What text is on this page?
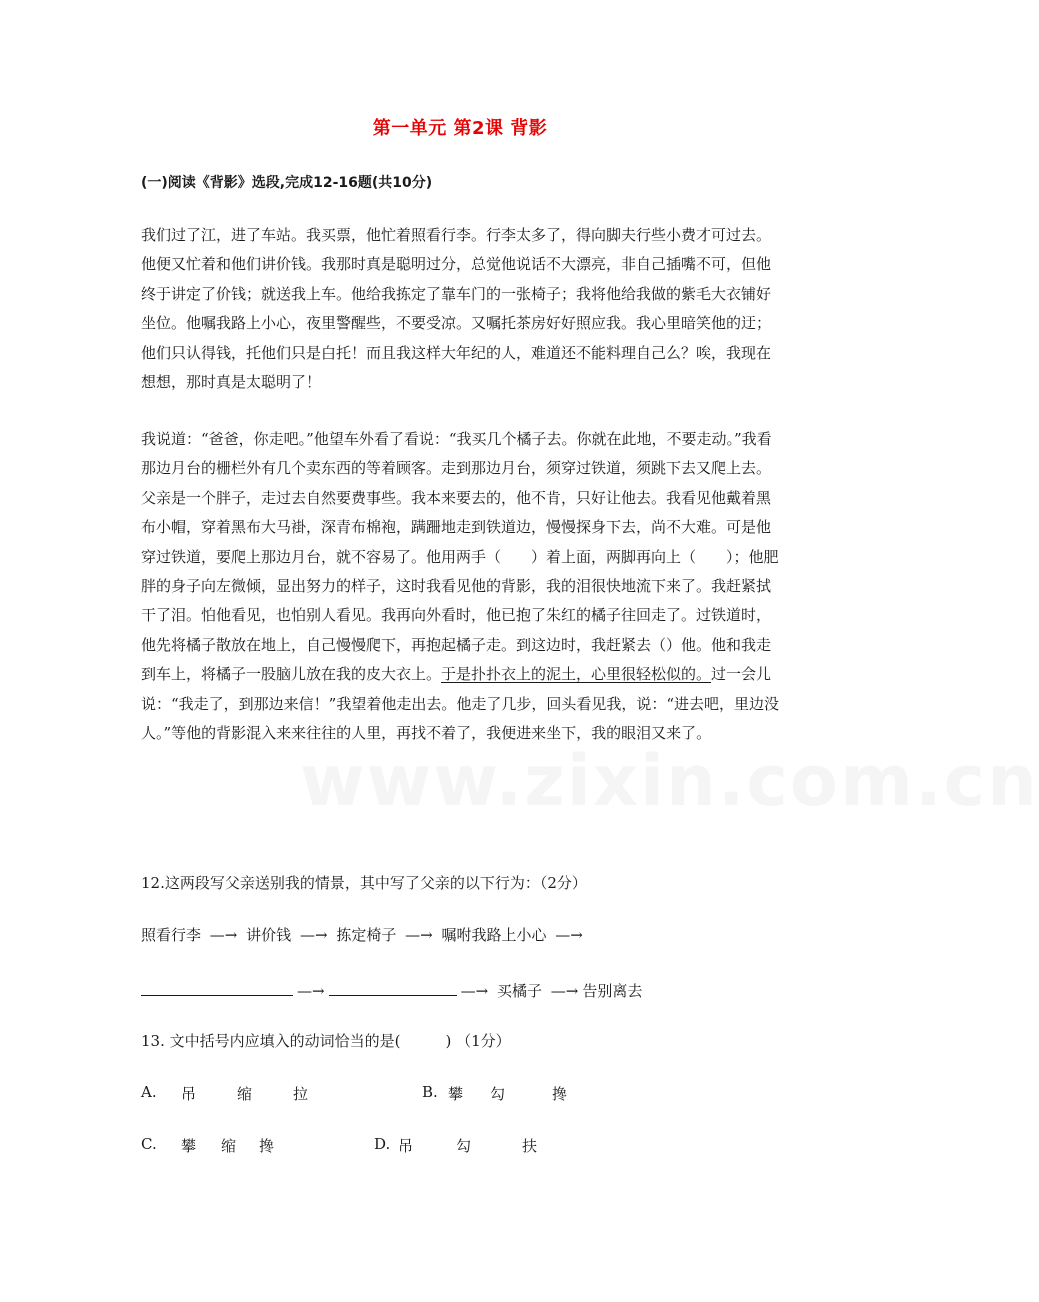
第一单元 第2课 背影
(一)阅读《背影》选段,完成12-16题(共10分)

我们过了江，进了车站。我买票，他忙着照看行李。行李太多了，得向脚夫行些小费才可过去。他便又忙着和他们讲价钱。我那时真是聪明过分，总觉他说话不大漂亮，非自己插嘴不可，但他终于讲定了价钱；就送我上车。他给我拣定了靠车门的一张椅子；我将他给我做的紫毛大衣铺好坐位。他嘱我路上小心，夜里警醒些，不要受凉。又嘱托茶房好好照应我。我心里暗笑他的迂；他们只认得钱，托他们只是白托！而且我这样大年纪的人，难道还不能料理自己么？唉，我现在想想，那时真是太聪明了！

我说道：“爸爸，你走吧。”他望车外看了看说：“我买几个橘子去。你就在此地，不要走动。”我看那边月台的栅栏外有几个卖东西的等着顾客。走到那边月台，须穿过铁道，须跳下去又爬上去。父亲是一个胖子，走过去自然要费事些。我本来要去的，他不肯，只好让他去。我看见他戴着黑布小帽，穿着黑布大马褂，深青布棉袍，蹒跚地走到铁道边，慢慢探身下去，尚不大难。可是他穿过铁道，要爬上那边月台，就不容易了。他用两手（　　）着上面，两脚再向上（　　）；他肥胖的身子向左微倾，显出努力的样子，这时我看见他的背影，我的泪很快地流下来了。我赶紧拭干了泪。怕他看见，也怕别人看见。我再向外看时，他已抱了朱红的橘子往回走了。过铁道时，他先将橘子散放在地上，自己慢慢爬下，再抱起橘子走。到这边时，我赶紧去（）他。他和我走到车上，将橘子一股脑儿放在我的皮大衣上。于是扑扑衣上的泥土，心里很轻松似的。过一会儿说：“我走了，到那边来信！”我望着他走出去。他走了几步，回头看见我，说：“进去吧，里边没人。”等他的背影混入来来往往的人里，再找不着了，我便进来坐下，我的眼泪又来了。

www.zixin.com.cn
12.这两段写父亲送别我的情景，其中写了父亲的以下行为：（2分）
照看行李 —→ 讲价钱 —→ 拣定椅子 —→ 嘱咐我路上小心 —→
—→	—→ 买橘子 —→ 告别离去
13. 文中括号内应填入的动词恰当的是(　　　) （1分）
A. 吊	缩	拉	B. 攀 勾	搀
C. 攀 缩 搀	D. 吊	勾	扶
